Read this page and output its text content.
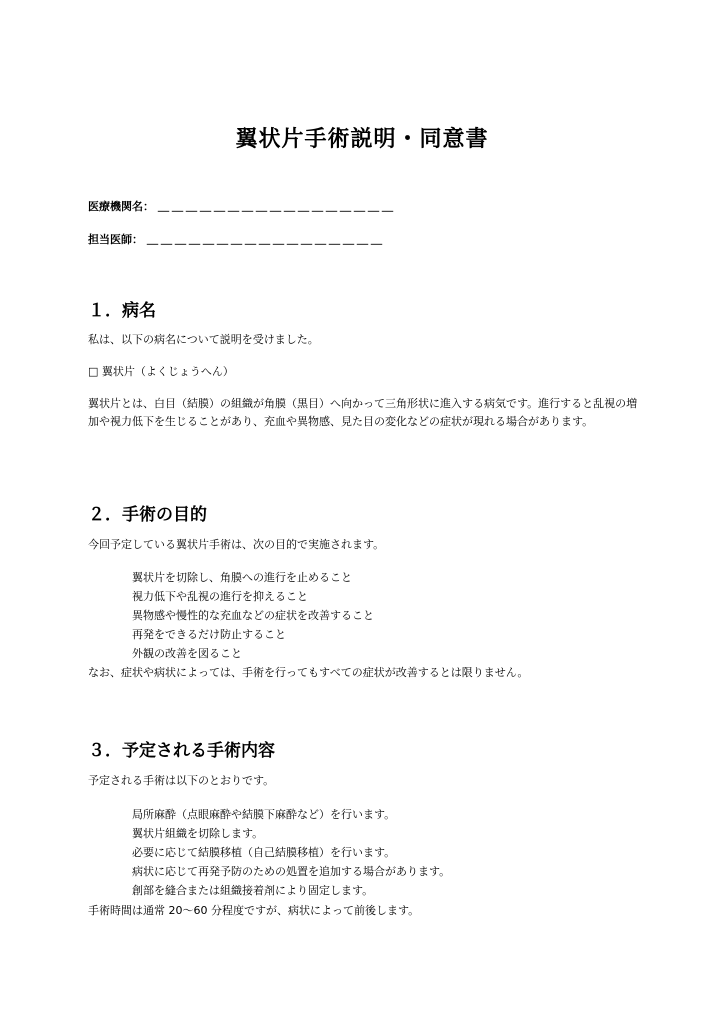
翼状片手術説明・同意書
医療機関名： ＿＿＿＿＿＿＿＿＿＿＿＿＿＿＿＿＿
担当医師： ＿＿＿＿＿＿＿＿＿＿＿＿＿＿＿＿＿
１．病名

私は、以下の病名について説明を受けました。

□ 翼状片（よくじょうへん）

翼状片とは、白目（結膜）の組織が角膜（黒目）へ向かって三角形状に進入する病気です。進行すると乱視の増加や視力低下を生じることがあり、充血や異物感、見た目の変化などの症状が現れる場合があります。

２．手術の目的

今回予定している翼状片手術は、次の目的で実施されます。

翼状片を切除し、角膜への進行を止めること
視力低下や乱視の進行を抑えること
異物感や慢性的な充血などの症状を改善すること
再発をできるだけ防止すること
外観の改善を図ること

なお、症状や病状によっては、手術を行ってもすべての症状が改善するとは限りません。

３．予定される手術内容

予定される手術は以下のとおりです。

局所麻酔（点眼麻酔や結膜下麻酔など）を行います。
翼状片組織を切除します。
必要に応じて結膜移植（自己結膜移植）を行います。
病状に応じて再発予防のための処置を追加する場合があります。
創部を縫合または組織接着剤により固定します。

手術時間は通常 20～60 分程度ですが、病状によって前後します。
